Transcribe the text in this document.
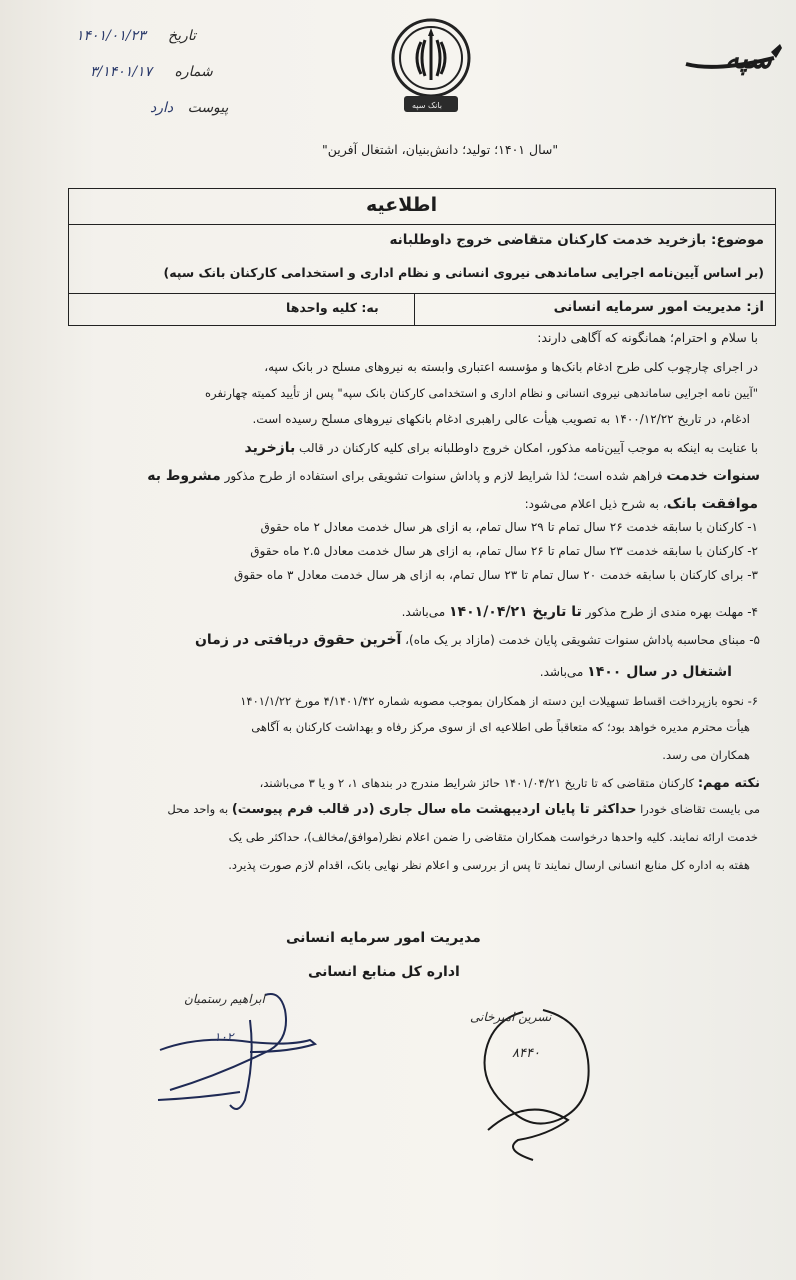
سپه
بانک سپه
تاریخ ۱۴۰۱/۰۱/۲۳
شماره ۳/۱۴۰۱/۱۷
پیوست دارد
"سال ۱۴۰۱؛ تولید؛ دانش‌بنیان، اشتغال آفرین"
اطلاعیه
موضوع: بازخرید خدمت کارکنان متقاضی خروج داوطلبانه
(بر اساس آیین‌نامه اجرایی ساماندهی نیروی انسانی و نظام اداری و استخدامی کارکنان بانک سپه)
از: مدیریت امور سرمایه انسانی
به: کلیه واحدها
با سلام و احترام؛ همانگونه که آگاهی دارند:
در اجرای چارچوب کلی طرح ادغام بانک‌ها و مؤسسه اعتباری وابسته به نیروهای مسلح در بانک سپه،
"آیین نامه اجرایی ساماندهی نیروی انسانی و نظام اداری و استخدامی کارکنان بانک سپه" پس از تأیید کمیته چهارنفره
ادغام، در تاریخ ۱۴۰۰/۱۲/۲۲ به تصویب هیأت عالی راهبری ادغام بانکهای نیروهای مسلح رسیده است.
با عنایت به اینکه به موجب آیین‌نامه مذکور، امکان خروج داوطلبانه برای کلیه کارکنان در قالب بازخرید
سنوات خدمت فراهم شده است؛ لذا شرایط لازم و پاداش سنوات تشویقی برای استفاده از طرح مذکور مشروط به
موافقت بانک، به شرح ذیل اعلام می‌شود:
۱- کارکنان با سابقه خدمت ۲۶ سال تمام تا ۲۹ سال تمام، به ازای هر سال خدمت معادل ۲ ماه حقوق
۲- کارکنان با سابقه خدمت ۲۳ سال تمام تا ۲۶ سال تمام، به ازای هر سال خدمت معادل ۲.۵ ماه حقوق
۳- برای کارکنان با سابقه خدمت ۲۰ سال تمام تا ۲۳ سال تمام، به ازای هر سال خدمت معادل ۳ ماه حقوق
۴- مهلت بهره مندی از طرح مذکور تا تاریخ ۱۴۰۱/۰۴/۲۱ می‌باشد.
۵- مبنای محاسبه پاداش سنوات تشویقی پایان خدمت (مازاد بر یک ماه)، آخرین حقوق دریافتی در زمان
اشتغال در سال ۱۴۰۰ می‌باشد.
۶- نحوه بازپرداخت اقساط تسهیلات این دسته از همکاران بموجب مصوبه شماره ۴/۱۴۰۱/۴۲ مورخ ۱۴۰۱/۱/۲۲
هیأت محترم مدیره خواهد بود؛ که متعاقباً طی اطلاعیه ای از سوی مرکز رفاه و بهداشت کارکنان به آگاهی
همکاران می رسد.
نکته مهم: کارکنان متقاضی که تا تاریخ ۱۴۰۱/۰۴/۲۱ حائز شرایط مندرج در بندهای ۱، ۲ و یا ۳ می‌باشند،
می بایست تقاضای خودرا حداکثر تا پایان اردیبهشت ماه سال جاری (در قالب فرم پیوست) به واحد محل
خدمت ارائه نمایند. کلیه واحدها درخواست همکاران متقاضی را ضمن اعلام نظر(موافق/مخالف)، حداکثر طی یک
هفته به اداره کل منابع انسانی ارسال نمایند تا پس از بررسی و اعلام نظر نهایی بانک، اقدام لازم صورت پذیرد.
مدیریت امور سرمایه انسانی
اداره کل منابع انسانی
ابراهیم رستمیان
۱۰۲
نسرین امیرخانی
۸۴۴۰
